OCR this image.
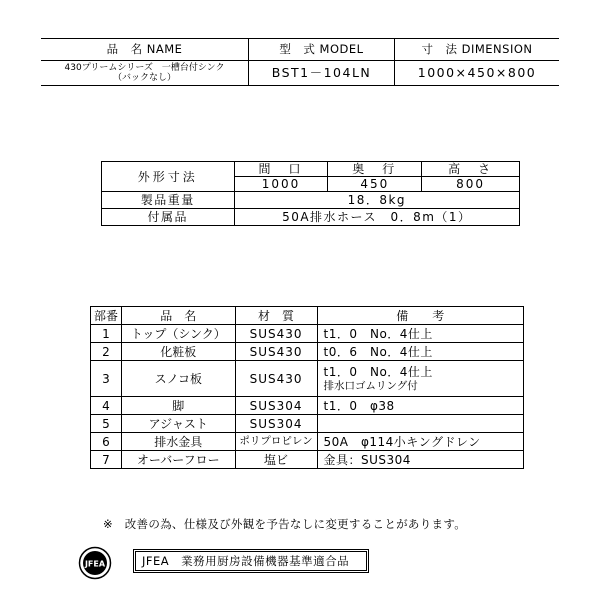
品　名 NAME	型　式 MODEL	寸　法 DIMENSION

430プリームシリーズ　一槽台付シンク
（バックなし）	BST1－104LN	1000×450×800
外形寸法	間　口	奥　行	高　さ
	1000	450	800
製品重量	18．8kg		
付属品	50A排水ホース　0．8m（1）		
部番	品　名	材　質	備　　考
1	トップ（シンク）	SUS430	t1．0　No．4仕上
2	化粧板	SUS430	t0．6　No．4仕上
3	スノコ板	SUS430	t1．0　No．4仕上
排水口ゴムリング付

4	脚	SUS304	t1．0　φ38
5	アジャスト	SUS304	
6	排水金具	ポリプロピレン	50A　φ114小キングドレン
7	オーバーフロー	塩ビ	金具：SUS304
※　改善の為、仕様及び外観を予告なしに変更することがあります。
JFEA	JFEA　業務用厨房設備機器基準適合品
